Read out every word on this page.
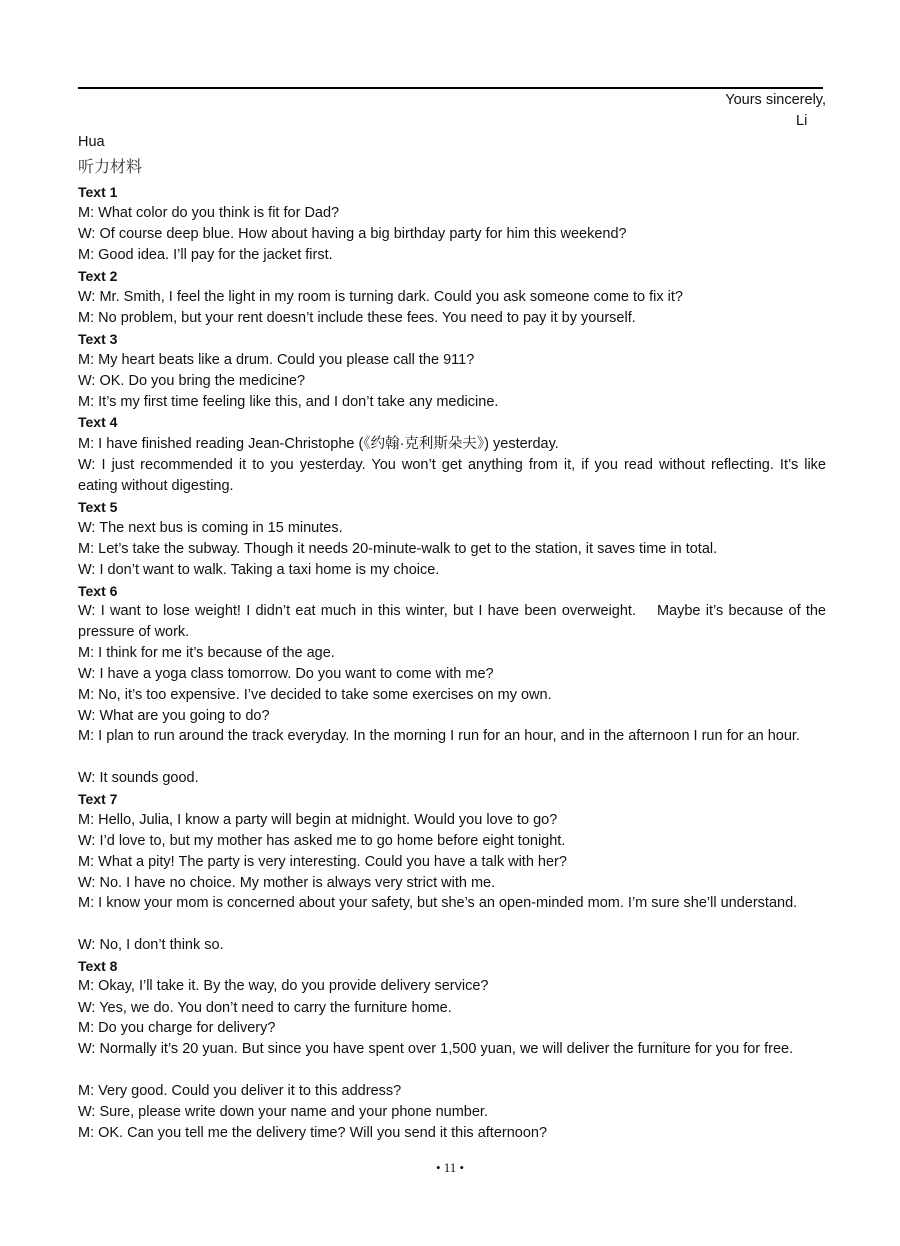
Yours sincerely,
Li
Hua
听力材料
Text 1
M: What color do you think is fit for Dad?
W: Of course deep blue. How about having a big birthday party for him this weekend?
M: Good idea. I’ll pay for the jacket first.
Text 2
W: Mr. Smith, I feel the light in my room is turning dark. Could you ask someone come to fix it?
M: No problem, but your rent doesn’t include these fees. You need to pay it by yourself.
Text 3
M: My heart beats like a drum. Could you please call the 911?
W: OK. Do you bring the medicine?
M: It’s my first time feeling like this, and I don’t take any medicine.
Text 4
M: I have finished reading Jean-Christophe (《约翰·克利斯朵夫》) yesterday.
W: I just recommended it to you yesterday. You won’t get anything from it, if you read without reflecting. It’s like eating without digesting.
Text 5
W: The next bus is coming in 15 minutes.
M: Let’s take the subway. Though it needs 20-minute-walk to get to the station, it saves time in total.
W: I don’t want to walk. Taking a taxi home is my choice.
Text 6
W: I want to lose weight! I didn’t eat much in this winter, but I have been overweight.    Maybe it’s because of the pressure of work.
M: I think for me it’s because of the age.
W: I have a yoga class tomorrow. Do you want to come with me?
M: No, it’s too expensive. I’ve decided to take some exercises on my own.
W: What are you going to do?
M: I plan to run around the track everyday. In the morning I run for an hour, and in the afternoon I run for an hour.
W: It sounds good.
Text 7
M: Hello, Julia, I know a party will begin at midnight. Would you love to go?
W: I’d love to, but my mother has asked me to go home before eight tonight.
M: What a pity! The party is very interesting. Could you have a talk with her?
W: No. I have no choice. My mother is always very strict with me.
M: I know your mom is concerned about your safety, but she’s an open-minded mom. I’m sure she’ll understand.
W: No, I don’t think so.
Text 8
M: Okay, I’ll take it. By the way, do you provide delivery service?
W: Yes, we do. You don’t need to carry the furniture home.
M: Do you charge for delivery?
W: Normally it’s 20 yuan. But since you have spent over 1,500 yuan, we will deliver the furniture for you for free.
M: Very good. Could you deliver it to this address?
W: Sure, please write down your name and your phone number.
M: OK. Can you tell me the delivery time? Will you send it this afternoon?
• 11 •
